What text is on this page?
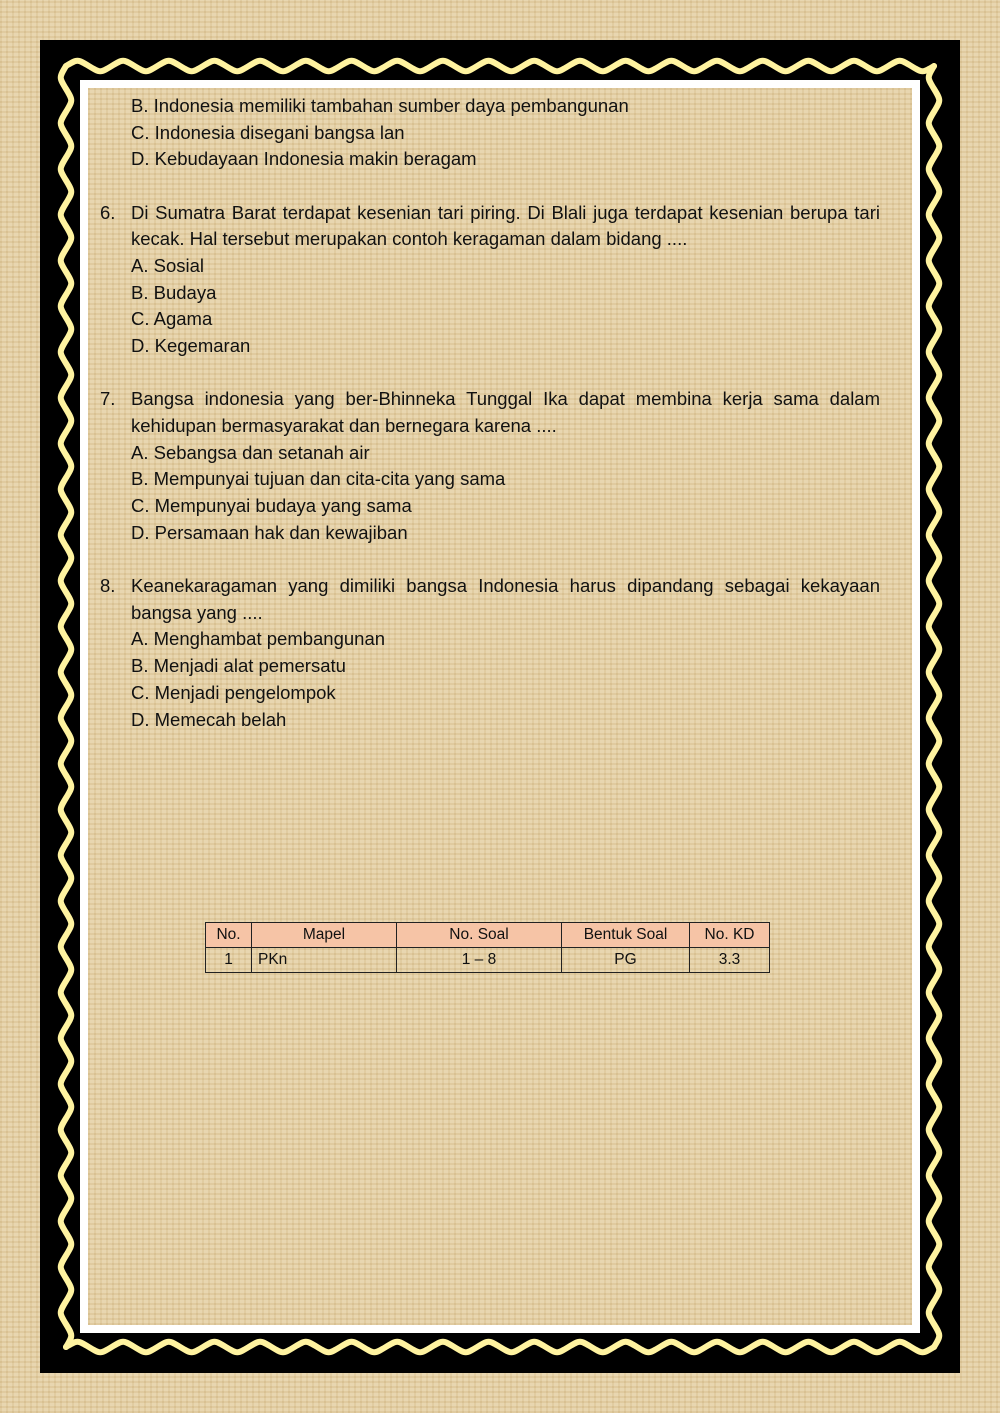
B. Indonesia memiliki tambahan sumber daya pembangunan
C. Indonesia disegani bangsa lan
D. Kebudayaan Indonesia makin beragam
6. Di Sumatra Barat terdapat kesenian tari piring. Di Blali juga terdapat kesenian berupa tari kecak. Hal tersebut merupakan contoh keragaman dalam bidang ....
A. Sosial
B. Budaya
C. Agama
D. Kegemaran
7. Bangsa indonesia yang ber-Bhinneka Tunggal Ika dapat membina kerja sama dalam kehidupan bermasyarakat dan bernegara karena ....
A. Sebangsa dan setanah air
B. Mempunyai tujuan dan cita-cita yang sama
C. Mempunyai budaya yang sama
D. Persamaan hak dan kewajiban
8. Keanekaragaman yang dimiliki bangsa Indonesia harus dipandang sebagai kekayaan bangsa yang ....
A. Menghambat pembangunan
B. Menjadi alat pemersatu
C. Menjadi pengelompok
D. Memecah belah
No.	Mapel	No. Soal	Bentuk Soal	No. KD
1	PKn	1 – 8	PG	3.3
